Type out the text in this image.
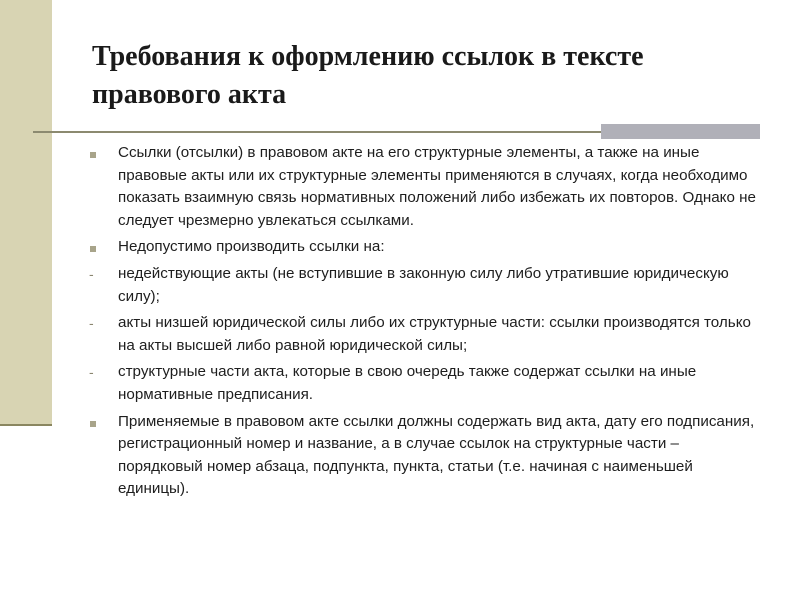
Требования к оформлению ссылок в тексте правового акта
Ссылки (отсылки) в правовом акте на его структурные элементы, а также на иные правовые акты или их структурные элементы применяются в случаях, когда необходимо показать взаимную связь нормативных положений либо избежать их повторов. Однако не следует чрезмерно увлекаться ссылками.
Недопустимо производить ссылки на:
-	недействующие акты (не вступившие в законную силу либо утратившие юридическую силу);
-	акты низшей юридической силы либо их структурные части: ссылки производятся только на акты высшей либо равной юридической силы;
-	структурные части акта, которые в свою очередь также содержат ссылки на иные нормативные предписания.
Применяемые в правовом акте ссылки должны содержать вид акта, дату его подписания, регистрационный номер и название, а в случае ссылок на структурные части – порядковый номер абзаца, подпункта, пункта, статьи (т.е. начиная с наименьшей единицы).
